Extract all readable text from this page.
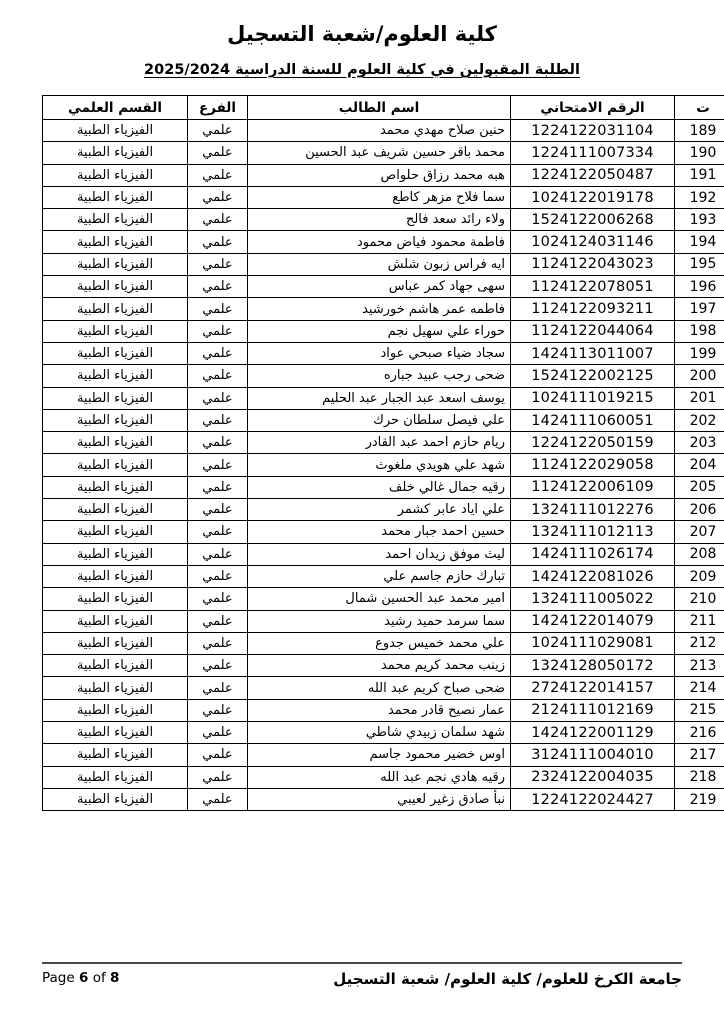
كلية العلوم/شعبة التسجيل
الطلبة المقبولين في كلية العلوم للسنة الدراسية 2025/2024
ت	الرقم الامتحاني	اسم الطالب	الفرع	القسم العلمي
189	1224122031104	حنين صلاح مهدي محمد	علمي	الفيزياء الطبية
190	1224111007334	محمد باقر حسين شريف عبد الحسين	علمي	الفيزياء الطبية
191	1224122050487	هبه محمد رزاق حلواص	علمي	الفيزياء الطبية
192	1024122019178	سما فلاح مزهر كاطع	علمي	الفيزياء الطبية
193	1524122006268	ولاء رائد سعد فالح	علمي	الفيزياء الطبية
194	1024124031146	فاطمة محمود فياض محمود	علمي	الفيزياء الطبية
195	1124122043023	ايه فراس زبون شلش	علمي	الفيزياء الطبية
196	1124122078051	سهى جهاد كمر عباس	علمي	الفيزياء الطبية
197	1124122093211	فاطمه عمر هاشم خورشيد	علمي	الفيزياء الطبية
198	1124122044064	حوراء علي سهيل نجم	علمي	الفيزياء الطبية
199	1424113011007	سجاد ضياء صبحي عواد	علمي	الفيزياء الطبية
200	1524122002125	ضحى رجب عبيد جباره	علمي	الفيزياء الطبية
201	1024111019215	يوسف اسعد عبد الجبار عبد الحليم	علمي	الفيزياء الطبية
202	1424111060051	علي فيصل سلطان حرك	علمي	الفيزياء الطبية
203	1224122050159	ريام حازم احمد عبد القادر	علمي	الفيزياء الطبية
204	1124122029058	شهد علي هويدي ملغوث	علمي	الفيزياء الطبية
205	1124122006109	رقيه جمال غالي خلف	علمي	الفيزياء الطبية
206	1324111012276	علي اياد عابر كشمر	علمي	الفيزياء الطبية
207	1324111012113	حسين احمد جبار محمد	علمي	الفيزياء الطبية
208	1424111026174	ليث موفق زيدان احمد	علمي	الفيزياء الطبية
209	1424122081026	تبارك حازم جاسم علي	علمي	الفيزياء الطبية
210	1324111005022	امير محمد عبد الحسين شمال	علمي	الفيزياء الطبية
211	1424122014079	سما سرمد حميد رشيد	علمي	الفيزياء الطبية
212	1024111029081	علي محمد خميس جدوع	علمي	الفيزياء الطبية
213	1324128050172	زينب محمد كريم محمد	علمي	الفيزياء الطبية
214	2724122014157	ضحى صباح كريم عبد الله	علمي	الفيزياء الطبية
215	2124111012169	عمار نصيح قادر محمد	علمي	الفيزياء الطبية
216	1424122001129	شهد سلمان زبيدي شاطي	علمي	الفيزياء الطبية
217	3124111004010	اوس خضير محمود جاسم	علمي	الفيزياء الطبية
218	2324122004035	رقيه هادي نجم عبد الله	علمي	الفيزياء الطبية
219	1224122024427	نبأ صادق زغير لعيبي	علمي	الفيزياء الطبية
Page 6 of 8	جامعة الكرخ للعلوم/ كلية العلوم/ شعبة التسجيل
